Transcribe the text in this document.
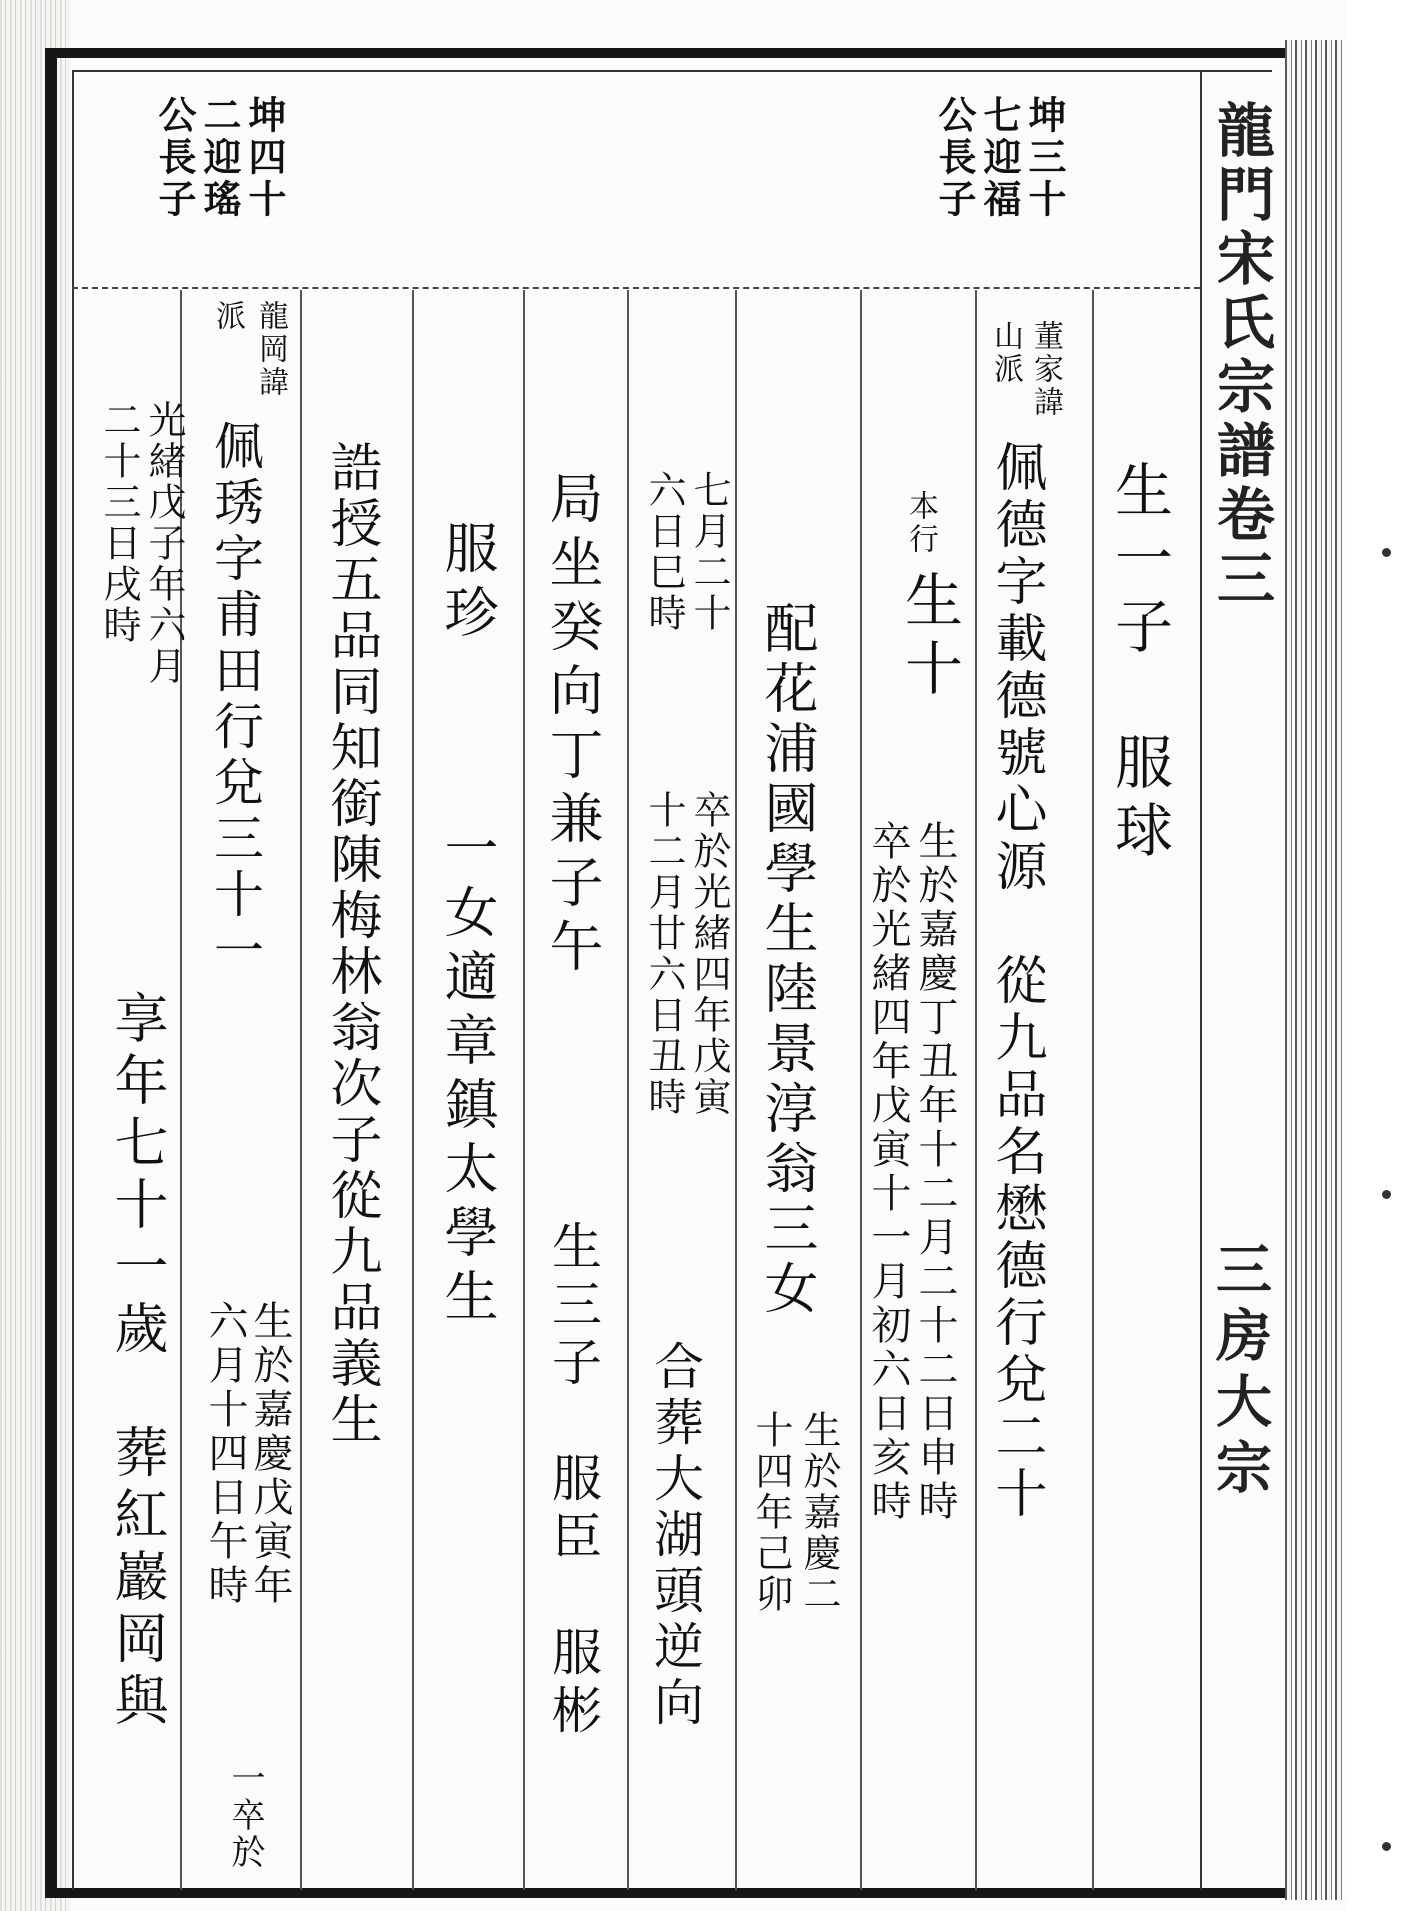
龍門宋氏宗譜卷三
三房大宗
坤三十
七迎福
公長子
坤四十
二迎瑤
公長子
生一子　服球
董家諱
山派
佩德字載德號心源　從九品名懋德行兌二十
本行
生十
生於嘉慶丁丑年十二月二十二日申時
卒於光緒四年戊寅十一月初六日亥時
配花浦國學生陸景淳翁三女
生於嘉慶二
十四年己卯
七月二十
六日巳時
卒於光緒四年戊寅
十二月廿六日丑時
合葬大湖頭逆向
局坐癸向丁兼子午
生三子　服臣　服彬
服珍
一女適章鎮太學生
誥授五品同知銜陳梅林翁次子從九品義生
龍岡諱
派
佩琇字甫田行兌三十一
生於嘉慶戊寅年
六月十四日午時
一卒於
光緒戊子年六月
二十三日戌時
享年七十一歲　葬紅巖岡與
